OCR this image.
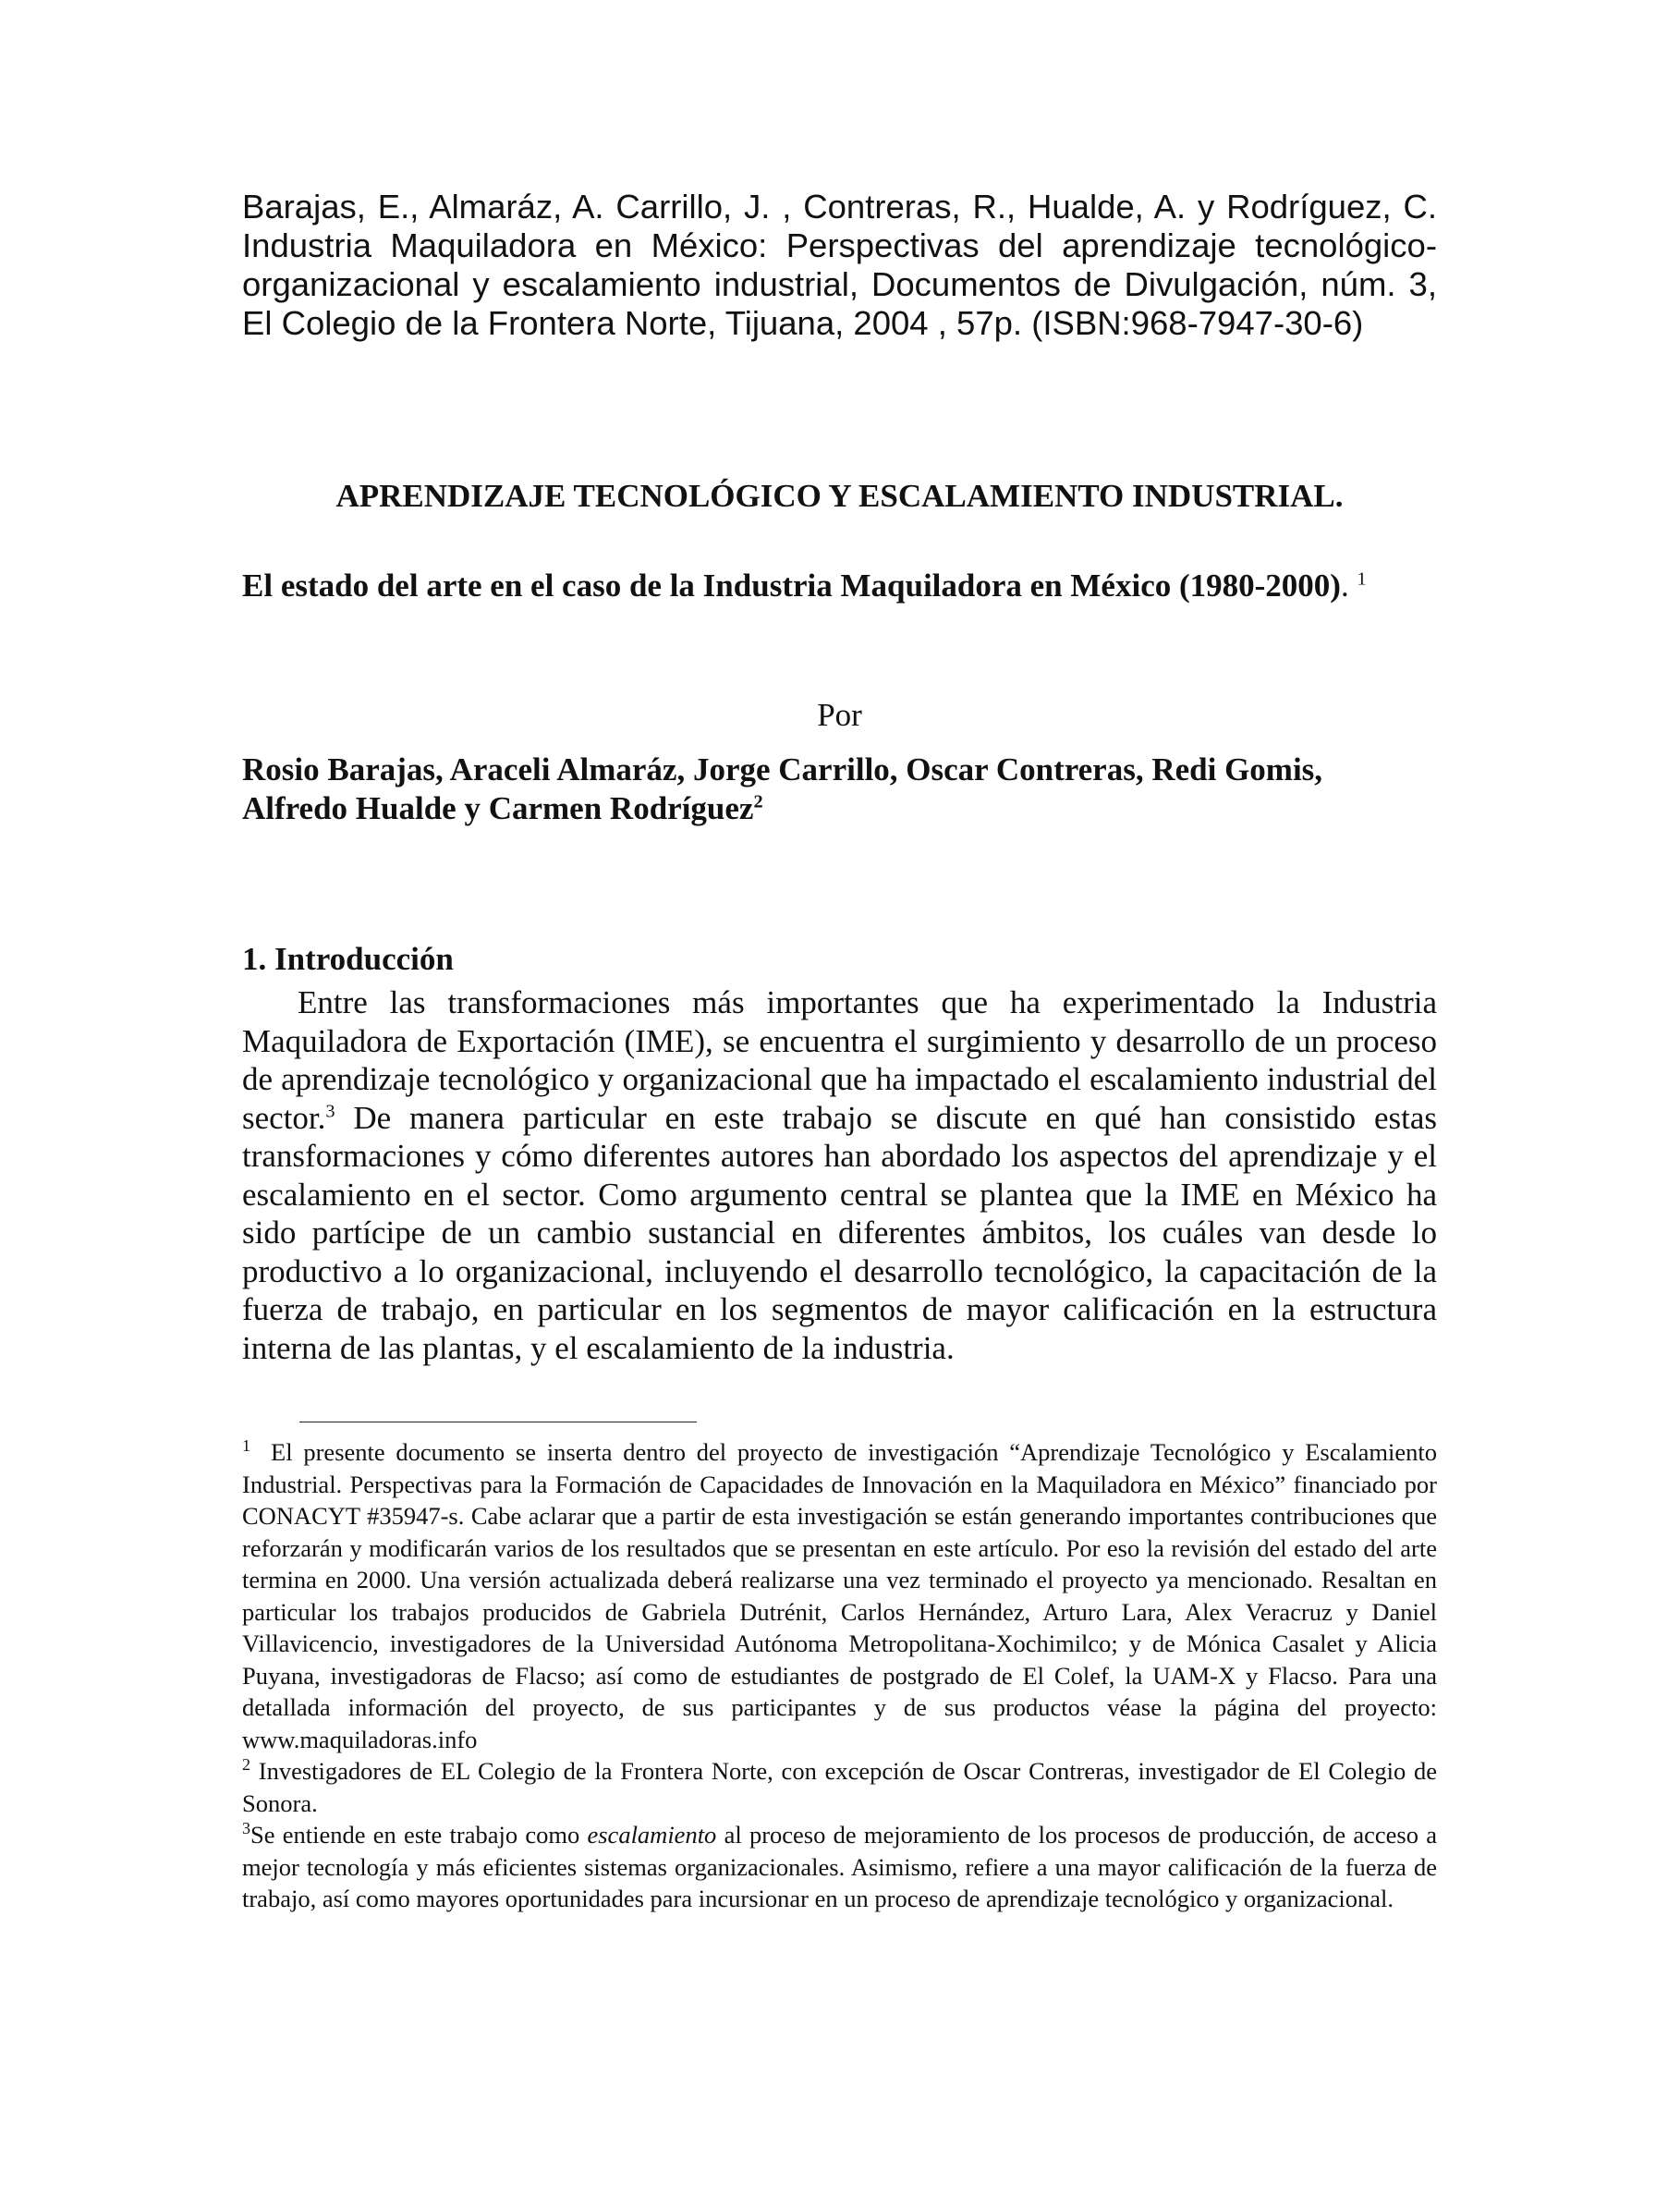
Barajas, E., Almaráz, A. Carrillo, J. , Contreras, R., Hualde, A. y Rodríguez, C. Industria Maquiladora en México: Perspectivas del aprendizaje tecnológico-organizacional y escalamiento industrial, Documentos de Divulgación, núm. 3, El Colegio de la Frontera Norte, Tijuana, 2004 , 57p. (ISBN:968-7947-30-6)
APRENDIZAJE TECNOLÓGICO Y ESCALAMIENTO INDUSTRIAL.
El estado del arte en el caso de la Industria Maquiladora en México (1980-2000). $^1$
Por
Rosio Barajas, Araceli Almaráz, Jorge Carrillo, Oscar Contreras, Redi Gomis,
Alfredo Hualde y Carmen Rodríguez$^2$
1. Introducción

Entre las transformaciones más importantes que ha experimentado la Industria Maquiladora de Exportación (IME), se encuentra el surgimiento y desarrollo de un proceso de aprendizaje tecnológico y organizacional que ha impactado el escalamiento industrial del sector.$^3$ De manera particular en este trabajo se discute en qué han consistido estas transformaciones y cómo diferentes autores han abordado los aspectos del aprendizaje y el escalamiento en el sector. Como argumento central se plantea que la IME en México ha sido partícipe de un cambio sustancial en diferentes ámbitos, los cuáles van desde lo productivo a lo organizacional, incluyendo el desarrollo tecnológico, la capacitación de la fuerza de trabajo, en particular en los segmentos de mayor calificación en la estructura interna de las plantas, y el escalamiento de la industria.

$^1$ El presente documento se inserta dentro del proyecto de investigación “Aprendizaje Tecnológico y Escalamiento Industrial. Perspectivas para la Formación de Capacidades de Innovación en la Maquiladora en México” financiado por CONACYT #35947-s. Cabe aclarar que a partir de esta investigación se están generando importantes contribuciones que reforzarán y modificarán varios de los resultados que se presentan en este artículo. Por eso la revisión del estado del arte termina en 2000. Una versión actualizada deberá realizarse una vez terminado el proyecto ya mencionado. Resaltan en particular los trabajos producidos de Gabriela Dutrénit, Carlos Hernández, Arturo Lara, Alex Veracruz y Daniel Villavicencio, investigadores de la Universidad Autónoma Metropolitana-Xochimilco; y de Mónica Casalet y Alicia Puyana, investigadoras de Flacso; así como de estudiantes de postgrado de El Colef, la UAM-X y Flacso. Para una detallada información del proyecto, de sus participantes y de sus productos véase la página del proyecto: www.maquiladoras.info

$^2$ Investigadores de EL Colegio de la Frontera Norte, con excepción de Oscar Contreras, investigador de El Colegio de Sonora.

$^3$Se entiende en este trabajo como escalamiento al proceso de mejoramiento de los procesos de producción, de acceso a mejor tecnología y más eficientes sistemas organizacionales. Asimismo, refiere a una mayor calificación de la fuerza de trabajo, así como mayores oportunidades para incursionar en un proceso de aprendizaje tecnológico y organizacional.
